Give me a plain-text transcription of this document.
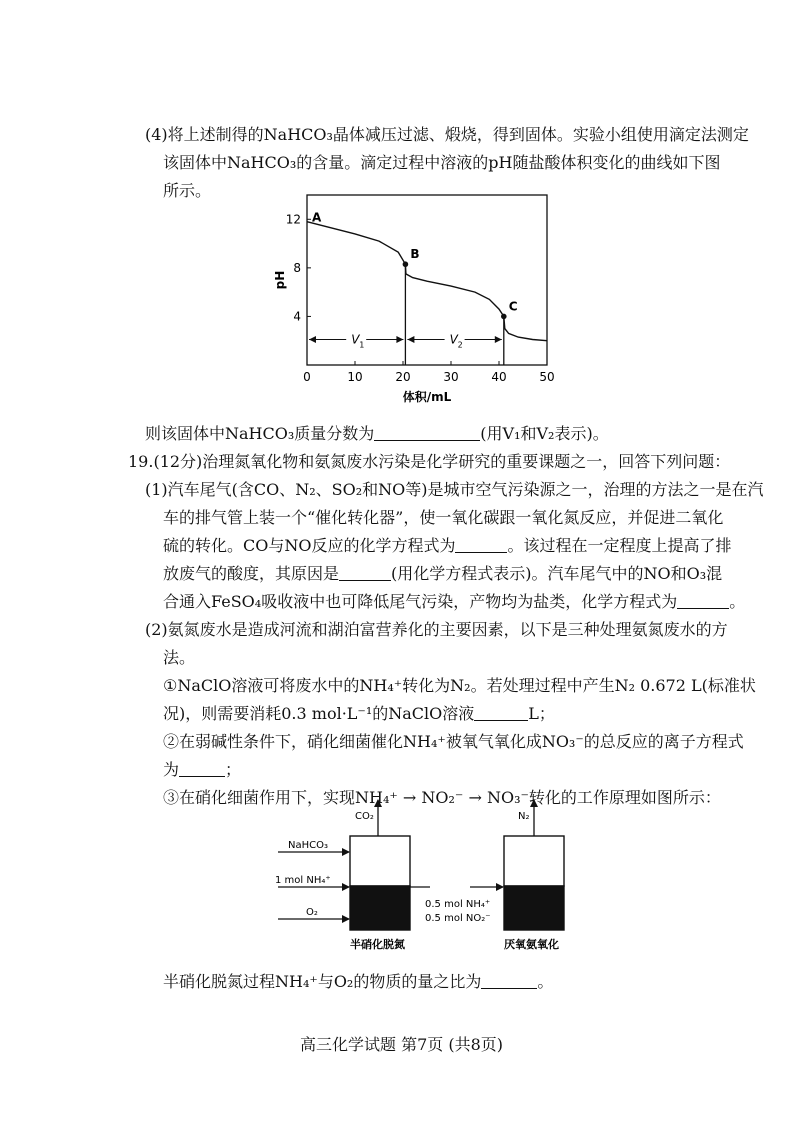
(4)将上述制得的NaHCO₃晶体减压过滤、煅烧，得到固体。实验小组使用滴定法测定
该固体中NaHCO₃的含量。滴定过程中溶液的pH随盐酸体积变化的曲线如下图
所示。
0	10	20	30	40	50
4
8
12
体积/mL
pH
A
B
C
V 1	V 2
则该固体中NaHCO₃质量分数为	(用V₁和V₂表示)。
19.(12分)治理氮氧化物和氨氮废水污染是化学研究的重要课题之一，回答下列问题：
(1)汽车尾气(含CO、N₂、SO₂和NO等)是城市空气污染源之一，治理的方法之一是在汽
车的排气管上装一个“催化转化器”，使一氧化碳跟一氧化氮反应，并促进二氧化
硫的转化。CO与NO反应的化学方程式为	。该过程在一定程度上提高了排
放废气的酸度，其原因是	(用化学方程式表示)。汽车尾气中的NO和O₃混
合通入FeSO₄吸收液中也可降低尾气污染，产物均为盐类，化学方程式为	。
(2)氨氮废水是造成河流和湖泊富营养化的主要因素，以下是三种处理氨氮废水的方
法。
①NaClO溶液可将废水中的NH₄⁺转化为N₂。若处理过程中产生N₂ 0.672 L(标准状
况)，则需要消耗0.3 mol·L⁻¹的NaClO溶液	L；
②在弱碱性条件下，硝化细菌催化NH₄⁺被氧气氧化成NO₃⁻的总反应的离子方程式
为	；
③在硝化细菌作用下，实现NH₄⁺ → NO₂⁻ → NO₃⁻转化的工作原理如图所示：
CO₂
NaHCO₃
1 mol NH₄⁺
O₂
0.5 mol NH₄⁺
0.5 mol NO₂⁻
N₂
半硝化脱氮	厌氧氨氧化
半硝化脱氮过程NH₄⁺与O₂的物质的量之比为	。
高三化学试题 第7页 (共8页)
